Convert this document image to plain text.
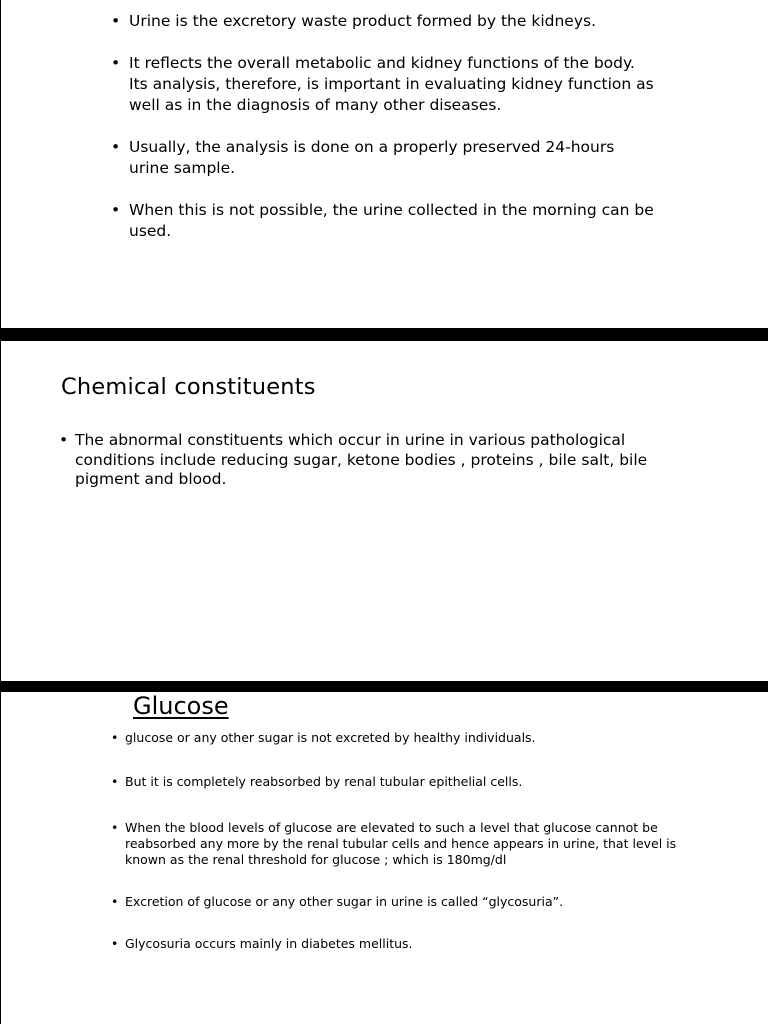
• Urine is the excretory waste product formed by the kidneys.
• It reflects the overall metabolic and kidney functions of the body. Its analysis, therefore, is important in evaluating kidney function as well as in the diagnosis of many other diseases.
• Usually, the analysis is done on a properly preserved 24-hours urine sample.
• When this is not possible, the urine collected in the morning can be used.
Chemical constituents
• The abnormal constituents which occur in urine in various pathological conditions include reducing sugar, ketone bodies , proteins , bile salt, bile pigment and blood.
Glucose
• glucose or any other sugar is not excreted by healthy individuals.
• But it is completely reabsorbed by renal tubular epithelial cells.
• When the blood levels of glucose are elevated to such a level that glucose cannot be reabsorbed any more by the renal tubular cells and hence appears in urine, that level is known as the renal threshold for glucose ; which is 180mg/dl
• Excretion of glucose or any other sugar in urine is called “glycosuria”.
• Glycosuria occurs mainly in diabetes mellitus.
